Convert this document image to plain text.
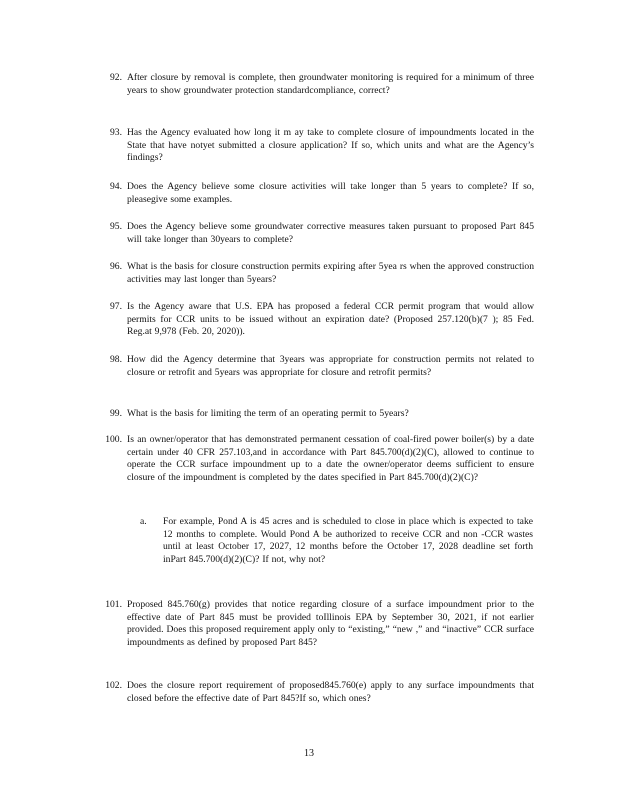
92. After closure by removal is complete, then groundwater monitoring is required for a minimum of three years to show groundwater protection standardcompliance, correct?
93. Has the Agency evaluated how long it m ay take to complete closure of impoundments located in the State that have notyet submitted a closure application? If so, which units and what are the Agency’s findings?
94. Does the Agency believe some closure activities will take longer than 5 years to complete? If so, pleasegive some examples.
95. Does the Agency believe some groundwater corrective measures taken pursuant to proposed Part 845 will take longer than 30years to complete?
96. What is the basis for closure construction permits expiring after 5yea rs when the approved construction activities may last longer than 5years?
97. Is the Agency aware that U.S. EPA has proposed a federal CCR permit program that would allow permits for CCR units to be issued without an expiration date? (Proposed 257.120(b)(7 ); 85 Fed. Reg.at 9,978 (Feb. 20, 2020)).
98. How did the Agency determine that 3years was appropriate for construction permits not related to closure or retrofit and 5years was appropriate for closure and retrofit permits?
99. What is the basis for limiting the term of an operating permit to 5years?
100. Is an owner/operator that has demonstrated permanent cessation of coal-fired power boiler(s) by a date certain under 40 CFR 257.103,and in accordance with Part 845.700(d)(2)(C), allowed to continue to operate the CCR surface impoundment up to a date the owner/operator deems sufficient to ensure closure of the impoundment is completed by the dates specified in Part 845.700(d)(2)(C)?
a.	For example, Pond A is 45 acres and is scheduled to close in place which is expected to take 12 months to complete. Would Pond A be authorized to receive CCR and non -CCR wastes until at least October 17, 2027, 12 months before the October 17, 2028 deadline set forth inPart 845.700(d)(2)(C)? If not, why not?
101. Proposed 845.760(g) provides that notice regarding closure of a surface impoundment prior to the effective date of Part 845 must be provided toIllinois EPA by September 30, 2021, if not earlier provided. Does this proposed requirement apply only to “existing,” “new ,” and “inactive” CCR surface impoundments as defined by proposed Part 845?
102. Does the closure report requirement of proposed845.760(e) apply to any surface impoundments that closed before the effective date of Part 845?If so, which ones?
13
